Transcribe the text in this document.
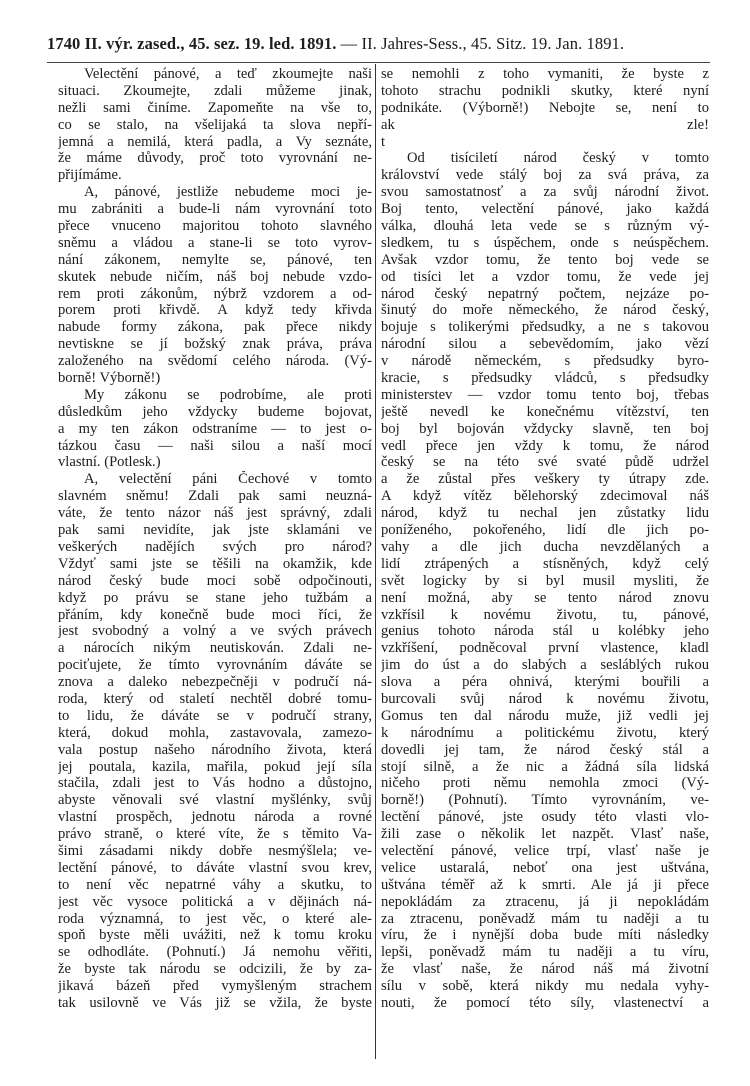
1740 II. výr. zased., 45. sez. 19. led. 1891. — II. Jahres-Sess., 45. Sitz. 19. Jan. 1891.
Velectění pánové, a teď zkoumejte naši
situaci. Zkoumejte, zdali můžeme jinak,
nežli sami činíme. Zapomeňte na vše to,
co se stalo, na všelijaká ta slova nepří-
jemná a nemilá, která padla, a Vy seznáte,
že máme důvody, proč toto vyrovnání ne-
přijímáme.
A, pánové, jestliže nebudeme moci je-
mu zabrániti a bude-li nám vyrovnání toto
přece vnuceno majoritou tohoto slavného
sněmu a vládou a stane-li se toto vyrov-
nání zákonem, nemylte se, pánové, ten
skutek nebude ničím, náš boj nebude vzdo-
rem proti zákonům, nýbrž vzdorem a od-
porem proti křivdě. A když tedy křivda
nabude formy zákona, pak přece nikdy
nevtiskne se jí božský znak práva, práva
založeného na svědomí celého národa. (Vý-
borně! Výborně!)
My zákonu se podrobíme, ale proti
důsledkům jeho vždycky budeme bojovat,
a my ten zákon odstraníme — to jest o-
tázkou času — naši silou a naší mocí
vlastní. (Potlesk.)
A, velectění páni Čechové v tomto
slavném sněmu! Zdali pak sami neuzná-
váte, že tento názor náš jest správný, zdali
pak sami nevidíte, jak jste sklamáni ve
veškerých nadějích svých pro národ?
Vždyť sami jste se těšili na okamžik, kde
národ český bude moci sobě odpočinouti,
když po právu se stane jeho tužbám a
přáním, kdy konečně bude moci říci, že
jest svobodný a volný a ve svých právech
a nárocích nikým neutiskován. Zdali ne-
pociťujete, že tímto vyrovnáním dáváte se
znova a daleko nebezpečněji v područí ná-
roda, který od staletí nechtěl dobré tomu-
to lidu, že dáváte se v područí strany,
která, dokud mohla, zastavovala, zamezo-
vala postup našeho národního života, která
jej poutala, kazila, mařila, pokud její síla
stačila, zdali jest to Vás hodno a důstojno,
abyste věnovali své vlastní myšlénky, svůj
vlastní prospěch, jednotu národa a rovné
právo straně, o které víte, že s těmito Va-
šimi zásadami nikdy dobře nesmýšlela; ve-
lectění pánové, to dáváte vlastní svou krev,
to není věc nepatrné váhy a skutku, to
jest věc vysoce politická a v dějinách ná-
roda významná, to jest věc, o které ale-
spoň byste měli uvážiti, než k tomu kroku
se odhodláte. (Pohnutí.) Já nemohu věřiti,
že byste tak národu se odcizili, že by za-
jikavá bázeň před vymyšleným strachem
tak usilovně ve Vás již se vžila, že byste
se nemohli z toho vymaniti, že byste z
tohoto strachu podnikli skutky, které nyní
podnikáte. (Výborně!) Nebojte se, není to
ak zle!
t
Od tisíciletí národ český v tomto
království vede stálý boj za svá práva, za
svou samostatnosť a za svůj národní život.
Boj tento, velectění pánové, jako každá
válka, dlouhá leta vede se s různým vý-
sledkem, tu s úspěchem, onde s neúspěchem.
Avšak vzdor tomu, že tento boj vede se
od tisíci let a vzdor tomu, že vede jej
národ český nepatrný počtem, nejzáze po-
šinutý do moře německého, že národ český,
bojuje s tolikerými předsudky, a ne s takovou
národní silou a sebevědomím, jako vězí
v národě německém, s předsudky byro-
kracie, s předsudky vládců, s předsudky
ministerstev — vzdor tomu tento boj, třebas
ještě nevedl ke konečnému vítězství, ten
boj byl bojován vždycky slavně, ten boj
vedl přece jen vždy k tomu, že národ
český se na této své svaté půdě udržel
a že zůstal přes veškery ty útrapy zde.
A když vítěz bělehorský zdecimoval náš
národ, když tu nechal jen zůstatky lidu
poníženého, pokořeného, lidí dle jich po-
vahy a dle jich ducha nevzdělaných a
lidí ztrápených a stísněných, když celý
svět logicky by si byl musil mysliti, že
není možná, aby se tento národ znovu
vzkřísil k novému životu, tu, pánové,
genius tohoto národa stál u kolébky jeho
vzkříšení, podněcoval první vlastence, kladl
jim do úst a do slabých a sesláblých rukou
slova a péra ohnivá, kterými bouřili a
burcovali svůj národ k novému životu,
Gomus ten dal národu muže, již vedli jej
k národnímu a politickému životu, který
dovedli jej tam, že národ český stál a
stojí silně, a že nic a žádná síla lidská
ničeho proti němu nemohla zmoci (Vý-
borně!) (Pohnutí). Tímto vyrovnáním, ve-
lectění pánové, jste osudy této vlasti vlo-
žili zase o několik let nazpět. Vlasť naše,
velectění pánové, velice trpí, vlasť naše je
velice ustaralá, neboť ona jest uštvána,
uštvána téměř až k smrti. Ale já ji přece
nepokládám za ztracenu, já ji nepokládám
za ztracenu, poněvadž mám tu naději a tu
víru, že i nynější doba bude míti následky
lepši, poněvadž mám tu naději a tu víru,
že vlasť naše, že národ náš má životní
sílu v sobě, která nikdy mu nedala vyhy-
nouti, že pomocí této síly, vlastenectví a
